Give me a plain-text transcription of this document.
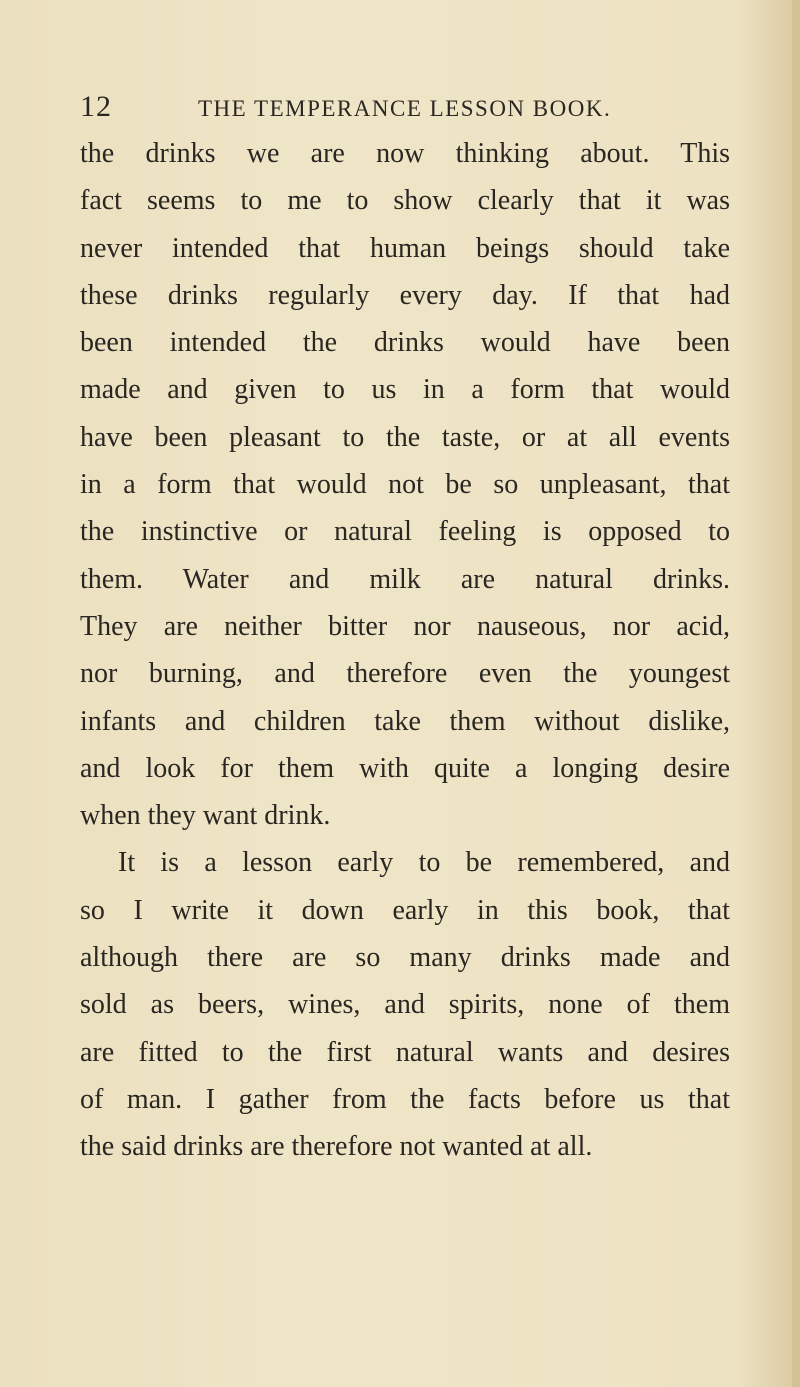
12	THE TEMPERANCE LESSON BOOK.
the drinks we are now thinking about. This
fact seems to me to show clearly that it was
never intended that human beings should take
these drinks regularly every day. If that had
been intended the drinks would have been
made and given to us in a form that would
have been pleasant to the taste, or at all events
in a form that would not be so unpleasant, that
the instinctive or natural feeling is opposed to
them. Water and milk are natural drinks.
They are neither bitter nor nauseous, nor acid,
nor burning, and therefore even the youngest
infants and children take them without dislike,
and look for them with quite a longing desire
when they want drink.
It is a lesson early to be remembered, and
so I write it down early in this book, that
although there are so many drinks made and
sold as beers, wines, and spirits, none of them
are fitted to the first natural wants and desires
of man. I gather from the facts before us that
the said drinks are therefore not wanted at all.
